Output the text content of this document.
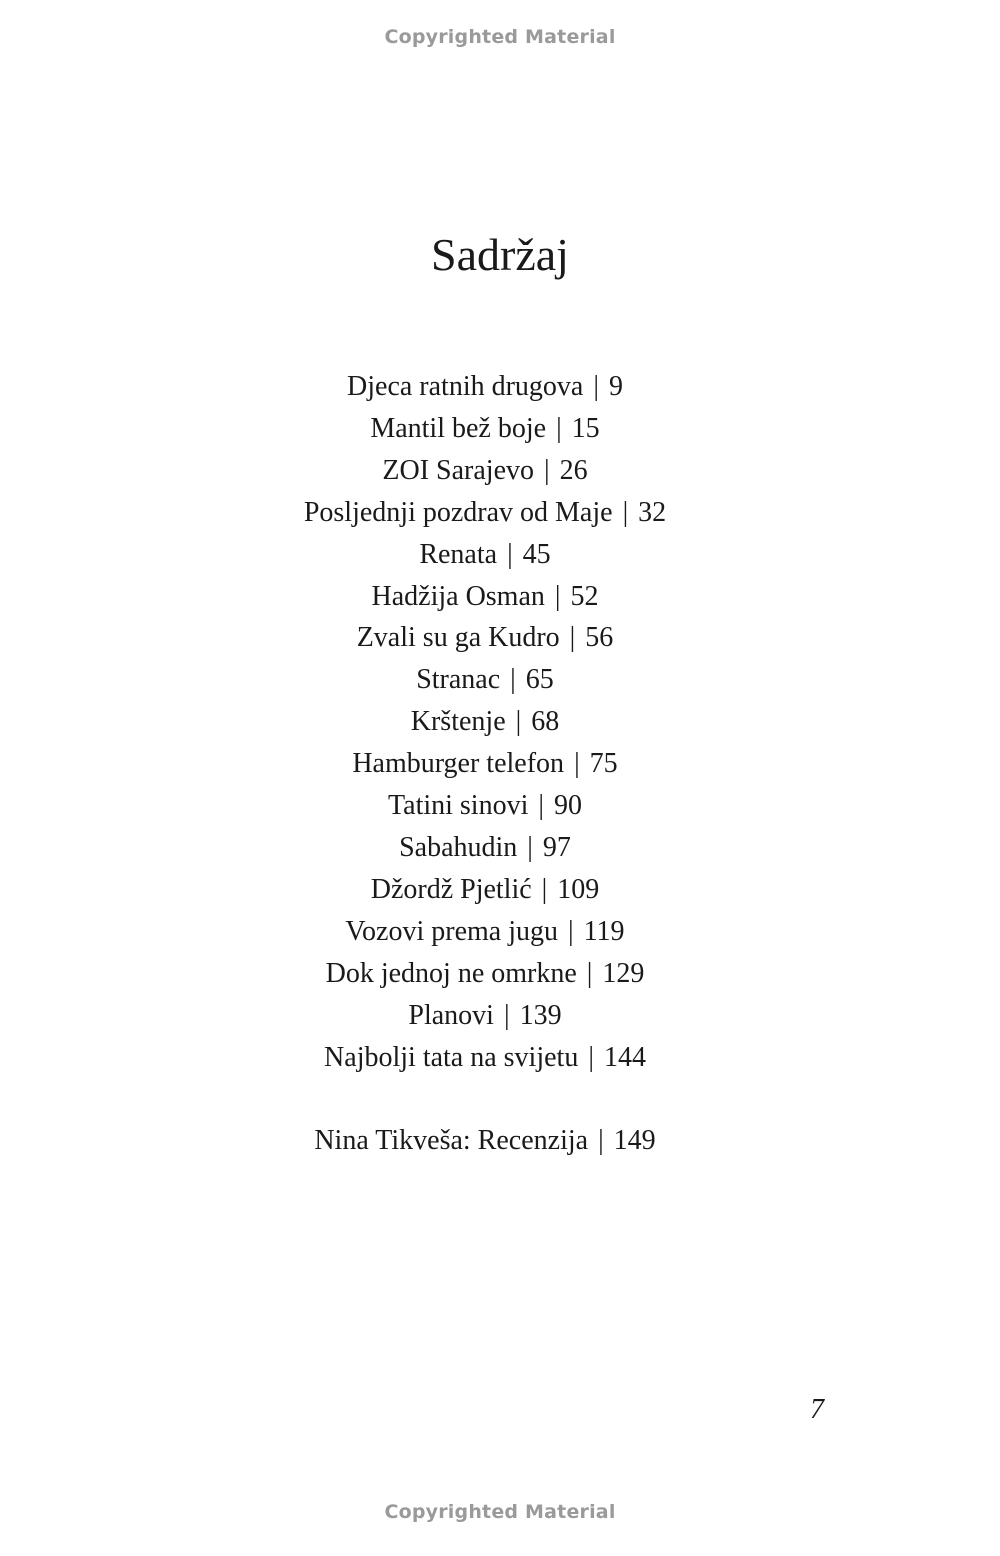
Copyrighted Material
Sadržaj
Djeca ratnih drugova | 9
Mantil bež boje | 15
ZOI Sarajevo | 26
Posljednji pozdrav od Maje | 32
Renata | 45
Hadžija Osman | 52
Zvali su ga Kudro | 56
Stranac | 65
Krštenje | 68
Hamburger telefon | 75
Tatini sinovi | 90
Sabahudin | 97
Džordž Pjetlić | 109
Vozovi prema jugu | 119
Dok jednoj ne omrkne | 129
Planovi | 139
Najbolji tata na svijetu | 144
Nina Tikveša: Recenzija | 149
7
Copyrighted Material
